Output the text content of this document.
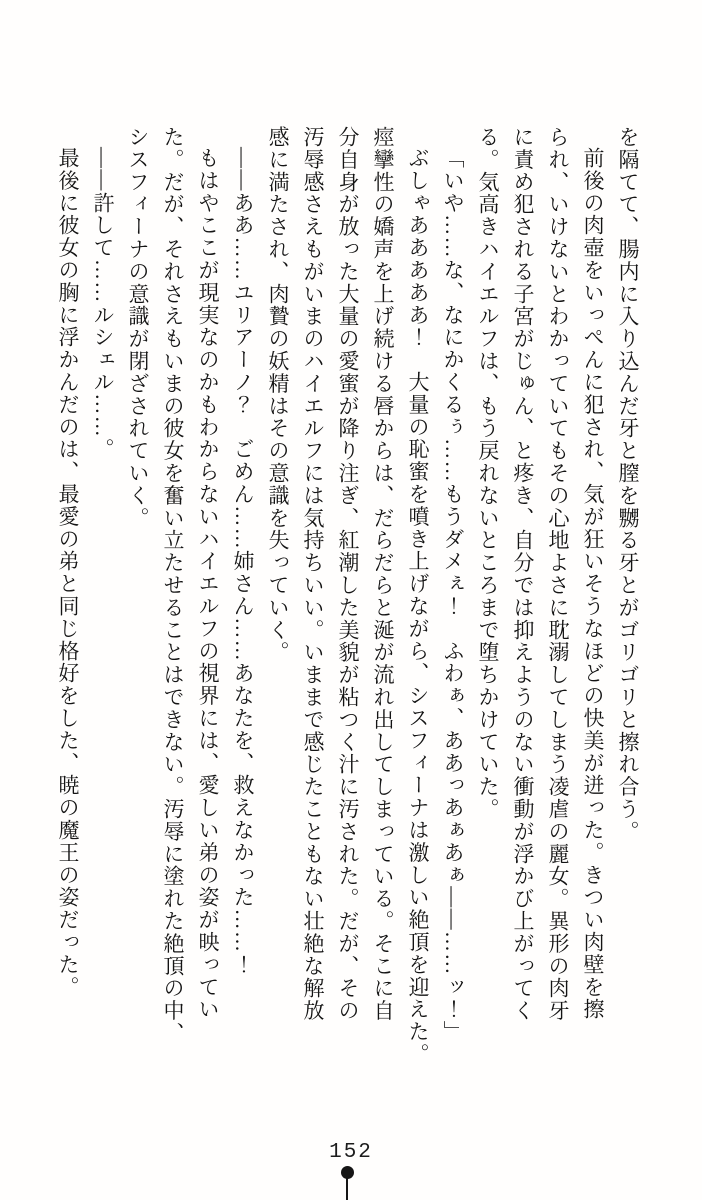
を隔てて、腸内に入り込んだ牙と膣を嬲る牙とがゴリゴリと擦れ合う。

前後の肉壺をいっぺんに犯され、気が狂いそうなほどの快美が迸った。きつい肉壁を擦

られ、いけないとわかっていてもその心地よさに耽溺してしまう凌虐の麗女。異形の肉牙

に責め犯される子宮がじゅん、と疼き、自分では抑えようのない衝動が浮かび上がってく

る。気高きハイエルフは、もう戻れないところまで堕ちかけていた。

「いや……な、なにかくるぅ……もうダメぇ！　ふわぁ、ああっあぁあぁ――……ッ！」

ぶしゃあああああ！　大量の恥蜜を噴き上げながら、シスフィーナは激しい絶頂を迎えた。

痙攣性の嬌声を上げ続ける唇からは、だらだらと涎が流れ出してしまっている。そこに自

分自身が放った大量の愛蜜が降り注ぎ、紅潮した美貌が粘つく汁に汚された。だが、その

汚辱感さえもがいまのハイエルフには気持ちいい。いままで感じたこともない壮絶な解放

感に満たされ、肉贄の妖精はその意識を失っていく。

――ああ……ユリアーノ？　ごめん……姉さん……あなたを、救えなかった……！

もはやここが現実なのかもわからないハイエルフの視界には、愛しい弟の姿が映ってい

た。だが、それさえもいまの彼女を奮い立たせることはできない。汚辱に塗れた絶頂の中、

シスフィーナの意識が閉ざされていく。

――許して……ルシェル……。

最後に彼女の胸に浮かんだのは、最愛の弟と同じ格好をした、暁の魔王の姿だった。

152
